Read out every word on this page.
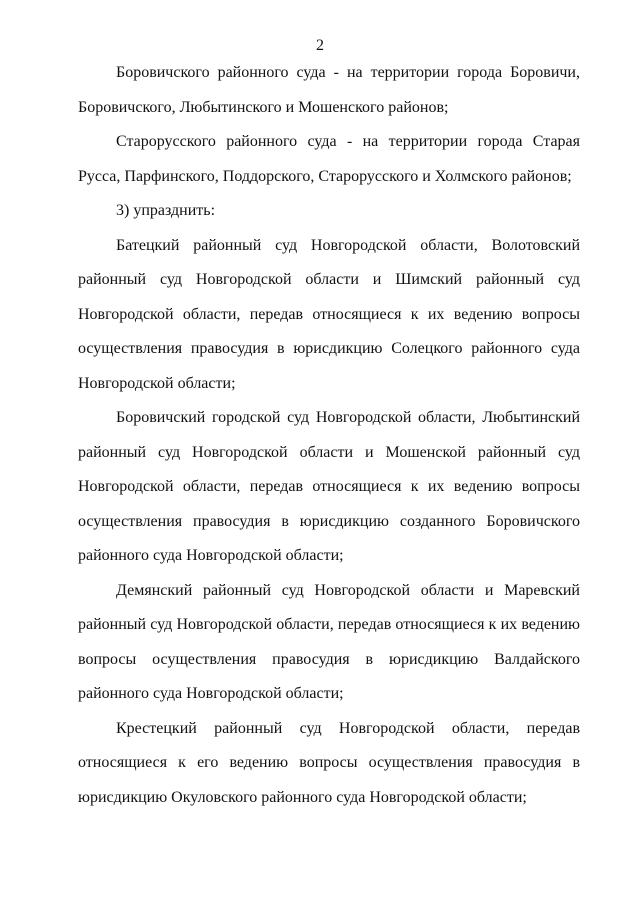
2

Боровичского районного суда - на территории города Боровичи, Боровичского, Любытинского и Мошенского районов;

Старорусского районного суда - на территории города Старая Русса, Парфинского, Поддорского, Старорусского и Холмского районов;

3) упразднить:

Батецкий районный суд Новгородской области, Волотовский районный суд Новгородской области и Шимский районный суд Новгородской области, передав относящиеся к их ведению вопросы осуществления правосудия в юрисдикцию Солецкого районного суда Новгородской области;

Боровичский городской суд Новгородской области, Любытинский районный суд Новгородской области и Мошенской районный суд Новгородской области, передав относящиеся к их ведению вопросы осуществления правосудия в юрисдикцию созданного Боровичского районного суда Новгородской области;

Демянский районный суд Новгородской области и Маревский районный суд Новгородской области, передав относящиеся к их ведению вопросы осуществления правосудия в юрисдикцию Валдайского районного суда Новгородской области;

Крестецкий районный суд Новгородской области, передав относящиеся к его ведению вопросы осуществления правосудия в юрисдикцию Окуловского районного суда Новгородской области;
